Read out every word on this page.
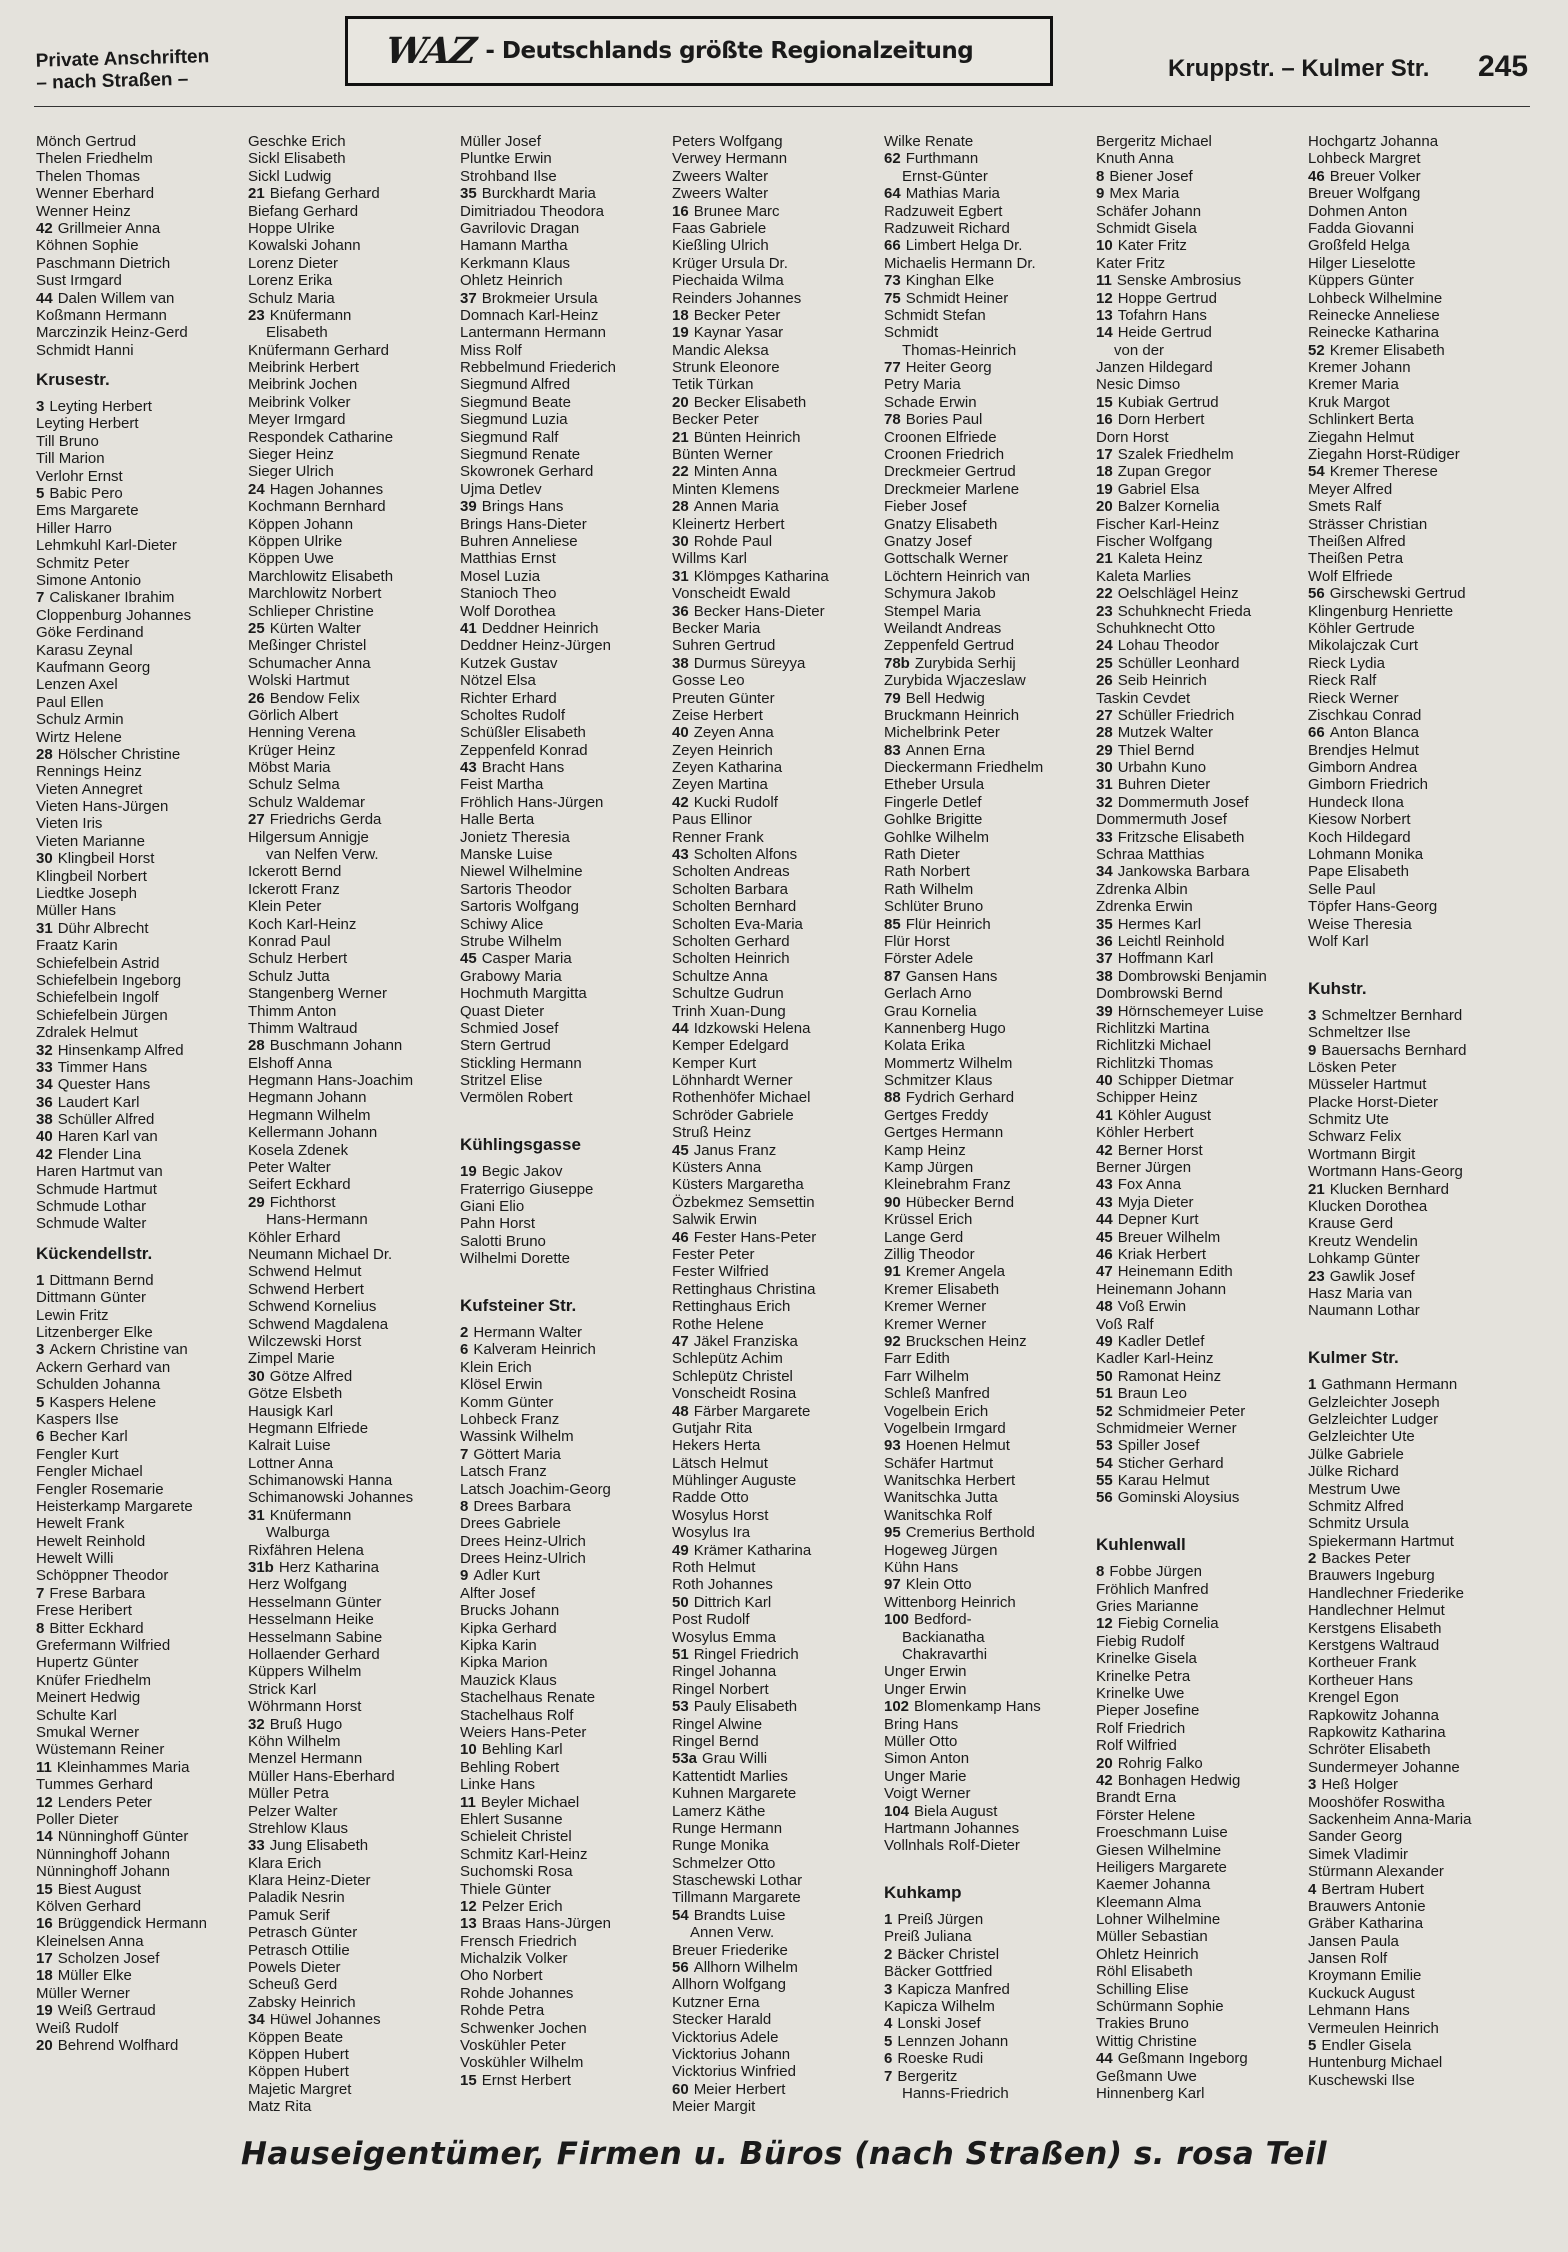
Private Anschriften
– nach Straßen –
WAZ - Deutschlands größte Regionalzeitung
Kruppstr. – Kulmer Str. 245
Mönch Gertrud
Thelen Friedhelm
Thelen Thomas
Wenner Eberhard
Wenner Heinz
42 Grillmeier Anna
Köhnen Sophie
Paschmann Dietrich
Sust Irmgard
44 Dalen Willem van
Koßmann Hermann
Marczinzik Heinz-Gerd
Schmidt Hanni
Krusestr.
3 Leyting Herbert
Leyting Herbert
Till Bruno
Till Marion
Verlohr Ernst
5 Babic Pero
Ems Margarete
Hiller Harro
Lehmkuhl Karl-Dieter
Schmitz Peter
Simone Antonio
7 Caliskaner Ibrahim
Cloppenburg Johannes
Göke Ferdinand
Karasu Zeynal
Kaufmann Georg
Lenzen Axel
Paul Ellen
Schulz Armin
Wirtz Helene
28 Hölscher Christine
Rennings Heinz
Vieten Annegret
Vieten Hans-Jürgen
Vieten Iris
Vieten Marianne
30 Klingbeil Horst
Klingbeil Norbert
Liedtke Joseph
Müller Hans
31 Dühr Albrecht
Fraatz Karin
Schiefelbein Astrid
Schiefelbein Ingeborg
Schiefelbein Ingolf
Schiefelbein Jürgen
Zdralek Helmut
32 Hinsenkamp Alfred
33 Timmer Hans
34 Quester Hans
36 Laudert Karl
38 Schüller Alfred
40 Haren Karl van
42 Flender Lina
Haren Hartmut van
Schmude Hartmut
Schmude Lothar
Schmude Walter
Kückendellstr.
1 Dittmann Bernd
Dittmann Günter
Lewin Fritz
Litzenberger Elke
3 Ackern Christine van
Ackern Gerhard van
Schulden Johanna
5 Kaspers Helene
Kaspers Ilse
6 Becher Karl
Fengler Kurt
Fengler Michael
Fengler Rosemarie
Heisterkamp Margarete
Hewelt Frank
Hewelt Reinhold
Hewelt Willi
Schöppner Theodor
7 Frese Barbara
Frese Heribert
8 Bitter Eckhard
Grefermann Wilfried
Hupertz Günter
Knüfer Friedhelm
Meinert Hedwig
Schulte Karl
Smukal Werner
Wüstemann Reiner
11 Kleinhammes Maria
Tummes Gerhard
12 Lenders Peter
Poller Dieter
14 Nünninghoff Günter
Nünninghoff Johann
Nünninghoff Johann
15 Biest August
Kölven Gerhard
16 Brüggendick Hermann
Kleinelsen Anna
17 Scholzen Josef
18 Müller Elke
Müller Werner
19 Weiß Gertraud
Weiß Rudolf
20 Behrend Wolfhard
Geschke Erich
Sickl Elisabeth
Sickl Ludwig
21 Biefang Gerhard
Biefang Gerhard
Hoppe Ulrike
Kowalski Johann
Lorenz Dieter
Lorenz Erika
Schulz Maria
23 Knüfermann
Elisabeth
Knüfermann Gerhard
Meibrink Herbert
Meibrink Jochen
Meibrink Volker
Meyer Irmgard
Respondek Catharine
Sieger Heinz
Sieger Ulrich
24 Hagen Johannes
Kochmann Bernhard
Köppen Johann
Köppen Ulrike
Köppen Uwe
Marchlowitz Elisabeth
Marchlowitz Norbert
Schlieper Christine
25 Kürten Walter
Meßinger Christel
Schumacher Anna
Wolski Hartmut
26 Bendow Felix
Görlich Albert
Henning Verena
Krüger Heinz
Möbst Maria
Schulz Selma
Schulz Waldemar
27 Friedrichs Gerda
Hilgersum Annigje
van Nelfen Verw.
Ickerott Bernd
Ickerott Franz
Klein Peter
Koch Karl-Heinz
Konrad Paul
Schulz Herbert
Schulz Jutta
Stangenberg Werner
Thimm Anton
Thimm Waltraud
28 Buschmann Johann
Elshoff Anna
Hegmann Hans-Joachim
Hegmann Johann
Hegmann Wilhelm
Kellermann Johann
Kosela Zdenek
Peter Walter
Seifert Eckhard
29 Fichthorst
Hans-Hermann
Köhler Erhard
Neumann Michael Dr.
Schwend Helmut
Schwend Herbert
Schwend Kornelius
Schwend Magdalena
Wilczewski Horst
Zimpel Marie
30 Götze Alfred
Götze Elsbeth
Hausigk Karl
Hegmann Elfriede
Kalrait Luise
Lottner Anna
Schimanowski Hanna
Schimanowski Johannes
31 Knüfermann
Walburga
Rixfähren Helena
31b Herz Katharina
Herz Wolfgang
Hesselmann Günter
Hesselmann Heike
Hesselmann Sabine
Hollaender Gerhard
Küppers Wilhelm
Strick Karl
Wöhrmann Horst
32 Bruß Hugo
Köhn Wilhelm
Menzel Hermann
Müller Hans-Eberhard
Müller Petra
Pelzer Walter
Strehlow Klaus
33 Jung Elisabeth
Klara Erich
Klara Heinz-Dieter
Paladik Nesrin
Pamuk Serif
Petrasch Günter
Petrasch Ottilie
Powels Dieter
Scheuß Gerd
Zabsky Heinrich
34 Hüwel Johannes
Köppen Beate
Köppen Hubert
Köppen Hubert
Majetic Margret
Matz Rita
Müller Josef
Pluntke Erwin
Strohband Ilse
35 Burckhardt Maria
Dimitriadou Theodora
Gavrilovic Dragan
Hamann Martha
Kerkmann Klaus
Ohletz Heinrich
37 Brokmeier Ursula
Domnach Karl-Heinz
Lantermann Hermann
Miss Rolf
Rebbelmund Friederich
Siegmund Alfred
Siegmund Beate
Siegmund Luzia
Siegmund Ralf
Siegmund Renate
Skowronek Gerhard
Ujma Detlev
39 Brings Hans
Brings Hans-Dieter
Buhren Anneliese
Matthias Ernst
Mosel Luzia
Stanioch Theo
Wolf Dorothea
41 Deddner Heinrich
Deddner Heinz-Jürgen
Kutzek Gustav
Nötzel Elsa
Richter Erhard
Scholtes Rudolf
Schüßler Elisabeth
Zeppenfeld Konrad
43 Bracht Hans
Feist Martha
Fröhlich Hans-Jürgen
Halle Berta
Jonietz Theresia
Manske Luise
Niewel Wilhelmine
Sartoris Theodor
Sartoris Wolfgang
Schiwy Alice
Strube Wilhelm
45 Casper Maria
Grabowy Maria
Hochmuth Margitta
Quast Dieter
Schmied Josef
Stern Gertrud
Stickling Hermann
Stritzel Elise
Vermölen Robert
Kühlingsgasse
19 Begic Jakov
Fraterrigo Giuseppe
Giani Elio
Pahn Horst
Salotti Bruno
Wilhelmi Dorette
Kufsteiner Str.
2 Hermann Walter
6 Kalveram Heinrich
Klein Erich
Klösel Erwin
Komm Günter
Lohbeck Franz
Wassink Wilhelm
7 Göttert Maria
Latsch Franz
Latsch Joachim-Georg
8 Drees Barbara
Drees Gabriele
Drees Heinz-Ulrich
Drees Heinz-Ulrich
9 Adler Kurt
Alfter Josef
Brucks Johann
Kipka Gerhard
Kipka Karin
Kipka Marion
Mauzick Klaus
Stachelhaus Renate
Stachelhaus Rolf
Weiers Hans-Peter
10 Behling Karl
Behling Robert
Linke Hans
11 Beyler Michael
Ehlert Susanne
Schieleit Christel
Schmitz Karl-Heinz
Suchomski Rosa
Thiele Günter
12 Pelzer Erich
13 Braas Hans-Jürgen
Frensch Friedrich
Michalzik Volker
Oho Norbert
Rohde Johannes
Rohde Petra
Schwenker Jochen
Voskühler Peter
Voskühler Wilhelm
15 Ernst Herbert
Peters Wolfgang
Verwey Hermann
Zweers Walter
Zweers Walter
16 Brunee Marc
Faas Gabriele
Kießling Ulrich
Krüger Ursula Dr.
Piechaida Wilma
Reinders Johannes
18 Becker Peter
19 Kaynar Yasar
Mandic Aleksa
Strunk Eleonore
Tetik Türkan
20 Becker Elisabeth
Becker Peter
21 Bünten Heinrich
Bünten Werner
22 Minten Anna
Minten Klemens
28 Annen Maria
Kleinertz Herbert
30 Rohde Paul
Willms Karl
31 Klömpges Katharina
Vonscheidt Ewald
36 Becker Hans-Dieter
Becker Maria
Suhren Gertrud
38 Durmus Süreyya
Gosse Leo
Preuten Günter
Zeise Herbert
40 Zeyen Anna
Zeyen Heinrich
Zeyen Katharina
Zeyen Martina
42 Kucki Rudolf
Paus Ellinor
Renner Frank
43 Scholten Alfons
Scholten Andreas
Scholten Barbara
Scholten Bernhard
Scholten Eva-Maria
Scholten Gerhard
Scholten Heinrich
Schultze Anna
Schultze Gudrun
Trinh Xuan-Dung
44 Idzkowski Helena
Kemper Edelgard
Kemper Kurt
Löhnhardt Werner
Rothenhöfer Michael
Schröder Gabriele
Struß Heinz
45 Janus Franz
Küsters Anna
Küsters Margaretha
Özbekmez Semsettin
Salwik Erwin
46 Fester Hans-Peter
Fester Peter
Fester Wilfried
Rettinghaus Christina
Rettinghaus Erich
Rothe Helene
47 Jäkel Franziska
Schlepütz Achim
Schlepütz Christel
Vonscheidt Rosina
48 Färber Margarete
Gutjahr Rita
Hekers Herta
Lätsch Helmut
Mühlinger Auguste
Radde Otto
Wosylus Horst
Wosylus Ira
49 Krämer Katharina
Roth Helmut
Roth Johannes
50 Dittrich Karl
Post Rudolf
Wosylus Emma
51 Ringel Friedrich
Ringel Johanna
Ringel Norbert
53 Pauly Elisabeth
Ringel Alwine
Ringel Bernd
53a Grau Willi
Kattentidt Marlies
Kuhnen Margarete
Lamerz Käthe
Runge Hermann
Runge Monika
Schmelzer Otto
Staschewski Lothar
Tillmann Margarete
54 Brandts Luise
Annen Verw.
Breuer Friederike
56 Allhorn Wilhelm
Allhorn Wolfgang
Kutzner Erna
Stecker Harald
Vicktorius Adele
Vicktorius Johann
Vicktorius Winfried
60 Meier Herbert
Meier Margit
Wilke Renate
62 Furthmann
Ernst-Günter
64 Mathias Maria
Radzuweit Egbert
Radzuweit Richard
66 Limbert Helga Dr.
Michaelis Hermann Dr.
73 Kinghan Elke
75 Schmidt Heiner
Schmidt Stefan
Schmidt
Thomas-Heinrich
77 Heiter Georg
Petry Maria
Schade Erwin
78 Bories Paul
Croonen Elfriede
Croonen Friedrich
Dreckmeier Gertrud
Dreckmeier Marlene
Fieber Josef
Gnatzy Elisabeth
Gnatzy Josef
Gottschalk Werner
Löchtern Heinrich van
Schymura Jakob
Stempel Maria
Weilandt Andreas
Zeppenfeld Gertrud
78b Zurybida Serhij
Zurybida Wjaczeslaw
79 Bell Hedwig
Bruckmann Heinrich
Michelbrink Peter
83 Annen Erna
Dieckermann Friedhelm
Etheber Ursula
Fingerle Detlef
Gohlke Brigitte
Gohlke Wilhelm
Rath Dieter
Rath Norbert
Rath Wilhelm
Schlüter Bruno
85 Flür Heinrich
Flür Horst
Förster Adele
87 Gansen Hans
Gerlach Arno
Grau Kornelia
Kannenberg Hugo
Kolata Erika
Mommertz Wilhelm
Schmitzer Klaus
88 Fydrich Gerhard
Gertges Freddy
Gertges Hermann
Kamp Heinz
Kamp Jürgen
Kleinebrahm Franz
90 Hübecker Bernd
Krüssel Erich
Lange Gerd
Zillig Theodor
91 Kremer Angela
Kremer Elisabeth
Kremer Werner
Kremer Werner
92 Bruckschen Heinz
Farr Edith
Farr Wilhelm
Schleß Manfred
Vogelbein Erich
Vogelbein Irmgard
93 Hoenen Helmut
Schäfer Hartmut
Wanitschka Herbert
Wanitschka Jutta
Wanitschka Rolf
95 Cremerius Berthold
Hogeweg Jürgen
Kühn Hans
97 Klein Otto
Wittenborg Heinrich
100 Bedford-
Backianatha
Chakravarthi
Unger Erwin
Unger Erwin
102 Blomenkamp Hans
Bring Hans
Müller Otto
Simon Anton
Unger Marie
Voigt Werner
104 Biela August
Hartmann Johannes
Vollnhals Rolf-Dieter
Kuhkamp
1 Preiß Jürgen
Preiß Juliana
2 Bäcker Christel
Bäcker Gottfried
3 Kapicza Manfred
Kapicza Wilhelm
4 Lonski Josef
5 Lennzen Johann
6 Roeske Rudi
7 Bergeritz
Hanns-Friedrich
Bergeritz Michael
Knuth Anna
8 Biener Josef
9 Mex Maria
Schäfer Johann
Schmidt Gisela
10 Kater Fritz
Kater Fritz
11 Senske Ambrosius
12 Hoppe Gertrud
13 Tofahrn Hans
14 Heide Gertrud
von der
Janzen Hildegard
Nesic Dimso
15 Kubiak Gertrud
16 Dorn Herbert
Dorn Horst
17 Szalek Friedhelm
18 Zupan Gregor
19 Gabriel Elsa
20 Balzer Kornelia
Fischer Karl-Heinz
Fischer Wolfgang
21 Kaleta Heinz
Kaleta Marlies
22 Oelschlägel Heinz
23 Schuhknecht Frieda
Schuhknecht Otto
24 Lohau Theodor
25 Schüller Leonhard
26 Seib Heinrich
Taskin Cevdet
27 Schüller Friedrich
28 Mutzek Walter
29 Thiel Bernd
30 Urbahn Kuno
31 Buhren Dieter
32 Dommermuth Josef
Dommermuth Josef
33 Fritzsche Elisabeth
Schraa Matthias
34 Jankowska Barbara
Zdrenka Albin
Zdrenka Erwin
35 Hermes Karl
36 Leichtl Reinhold
37 Hoffmann Karl
38 Dombrowski Benjamin
Dombrowski Bernd
39 Hörnschemeyer Luise
Richlitzki Martina
Richlitzki Michael
Richlitzki Thomas
40 Schipper Dietmar
Schipper Heinz
41 Köhler August
Köhler Herbert
42 Berner Horst
Berner Jürgen
43 Fox Anna
43 Myja Dieter
44 Depner Kurt
45 Breuer Wilhelm
46 Kriak Herbert
47 Heinemann Edith
Heinemann Johann
48 Voß Erwin
Voß Ralf
49 Kadler Detlef
Kadler Karl-Heinz
50 Ramonat Heinz
51 Braun Leo
52 Schmidmeier Peter
Schmidmeier Werner
53 Spiller Josef
54 Sticher Gerhard
55 Karau Helmut
56 Gominski Aloysius
Kuhlenwall
8 Fobbe Jürgen
Fröhlich Manfred
Gries Marianne
12 Fiebig Cornelia
Fiebig Rudolf
Krinelke Gisela
Krinelke Petra
Krinelke Uwe
Pieper Josefine
Rolf Friedrich
Rolf Wilfried
20 Rohrig Falko
42 Bonhagen Hedwig
Brandt Erna
Förster Helene
Froeschmann Luise
Giesen Wilhelmine
Heiligers Margarete
Kaemer Johanna
Kleemann Alma
Lohner Wilhelmine
Müller Sebastian
Ohletz Heinrich
Röhl Elisabeth
Schilling Elise
Schürmann Sophie
Trakies Bruno
Wittig Christine
44 Geßmann Ingeborg
Geßmann Uwe
Hinnenberg Karl
Hochgartz Johanna
Lohbeck Margret
46 Breuer Volker
Breuer Wolfgang
Dohmen Anton
Fadda Giovanni
Großfeld Helga
Hilger Lieselotte
Küppers Günter
Lohbeck Wilhelmine
Reinecke Anneliese
Reinecke Katharina
52 Kremer Elisabeth
Kremer Johann
Kremer Maria
Kruk Margot
Schlinkert Berta
Ziegahn Helmut
Ziegahn Horst-Rüdiger
54 Kremer Therese
Meyer Alfred
Smets Ralf
Strässer Christian
Theißen Alfred
Theißen Petra
Wolf Elfriede
56 Girschewski Gertrud
Klingenburg Henriette
Köhler Gertrude
Mikolajczak Curt
Rieck Lydia
Rieck Ralf
Rieck Werner
Zischkau Conrad
66 Anton Blanca
Brendjes Helmut
Gimborn Andrea
Gimborn Friedrich
Hundeck Ilona
Kiesow Norbert
Koch Hildegard
Lohmann Monika
Pape Elisabeth
Selle Paul
Töpfer Hans-Georg
Weise Theresia
Wolf Karl
Kuhstr.
3 Schmeltzer Bernhard
Schmeltzer Ilse
9 Bauersachs Bernhard
Lösken Peter
Müsseler Hartmut
Placke Horst-Dieter
Schmitz Ute
Schwarz Felix
Wortmann Birgit
Wortmann Hans-Georg
21 Klucken Bernhard
Klucken Dorothea
Krause Gerd
Kreutz Wendelin
Lohkamp Günter
23 Gawlik Josef
Hasz Maria van
Naumann Lothar
Kulmer Str.
1 Gathmann Hermann
Gelzleichter Joseph
Gelzleichter Ludger
Gelzleichter Ute
Jülke Gabriele
Jülke Richard
Mestrum Uwe
Schmitz Alfred
Schmitz Ursula
Spiekermann Hartmut
2 Backes Peter
Brauwers Ingeburg
Handlechner Friederike
Handlechner Helmut
Kerstgens Elisabeth
Kerstgens Waltraud
Kortheuer Frank
Kortheuer Hans
Krengel Egon
Rapkowitz Johanna
Rapkowitz Katharina
Schröter Elisabeth
Sundermeyer Johanne
3 Heß Holger
Mooshöfer Roswitha
Sackenheim Anna-Maria
Sander Georg
Simek Vladimir
Stürmann Alexander
4 Bertram Hubert
Brauwers Antonie
Gräber Katharina
Jansen Paula
Jansen Rolf
Kroymann Emilie
Kuckuck August
Lehmann Hans
Vermeulen Heinrich
5 Endler Gisela
Huntenburg Michael
Kuschewski Ilse
Hauseigentümer, Firmen u. Büros (nach Straßen) s. rosa Teil
